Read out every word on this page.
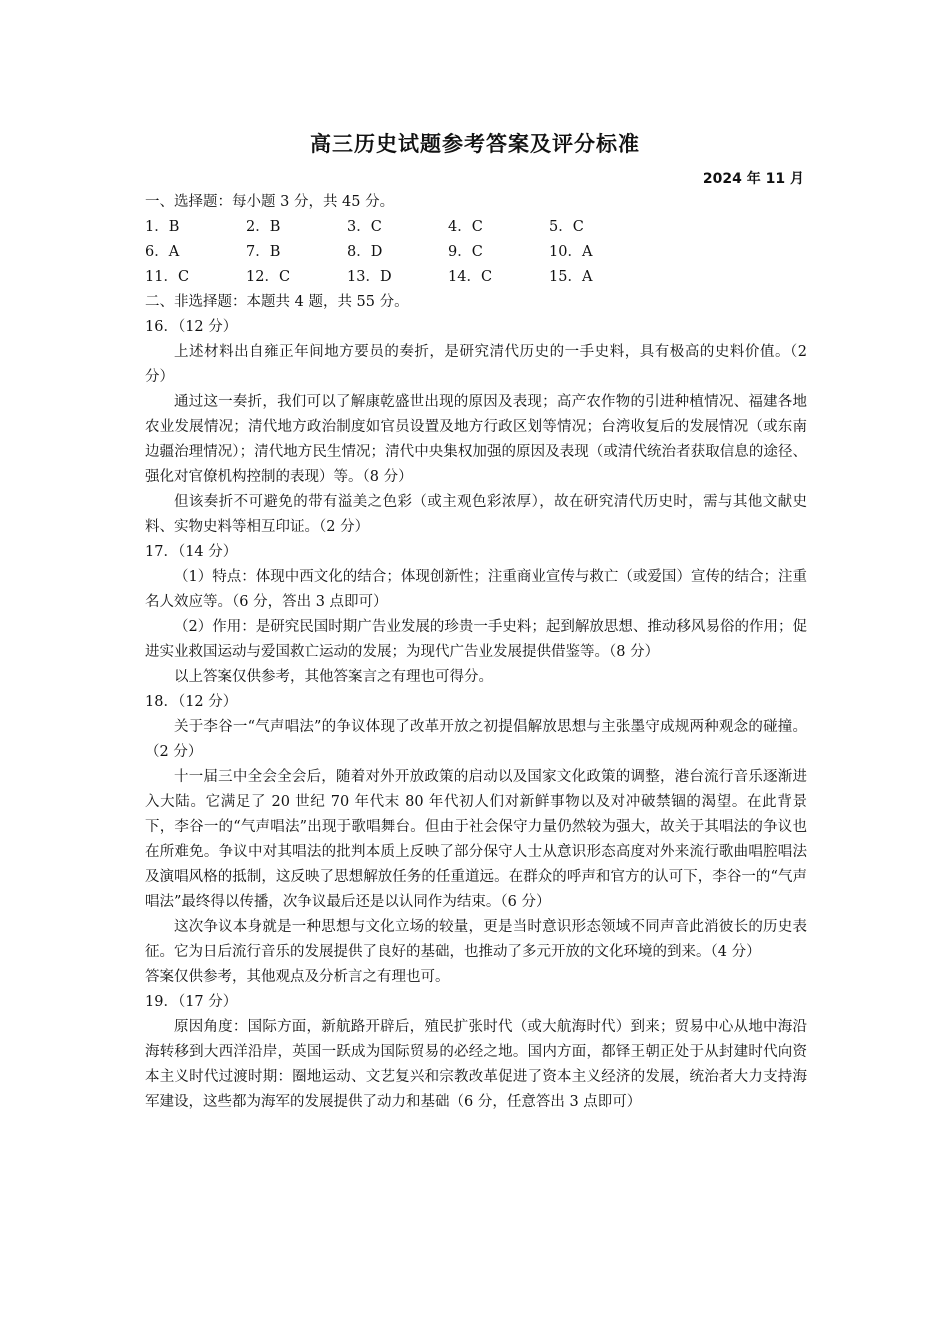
高三历史试题参考答案及评分标准
2024 年 11 月
一、选择题：每小题 3 分，共 45 分。
1．B	2．B	3．C	4．C	5．C
6．A	7．B	8．D	9．C	10．A
11．C	12．C	13．D	14．C	15．A
二、非选择题：本题共 4 题，共 55 分。
16．（12 分）
上述材料出自雍正年间地方要员的奏折，是研究清代历史的一手史料，具有极高的史料价值。（2 分）
通过这一奏折，我们可以了解康乾盛世出现的原因及表现；高产农作物的引进种植情况、福建各地农业发展情况；清代地方政治制度如官员设置及地方行政区划等情况；台湾收复后的发展情况（或东南边疆治理情况）；清代地方民生情况；清代中央集权加强的原因及表现（或清代统治者获取信息的途径、强化对官僚机构控制的表现）等。（8 分）
但该奏折不可避免的带有溢美之色彩（或主观色彩浓厚），故在研究清代历史时，需与其他文献史料、实物史料等相互印证。（2 分）
17．（14 分）
（1）特点：体现中西文化的结合；体现创新性；注重商业宣传与救亡（或爱国）宣传的结合；注重名人效应等。（6 分，答出 3 点即可）
（2）作用：是研究民国时期广告业发展的珍贵一手史料；起到解放思想、推动移风易俗的作用；促进实业救国运动与爱国救亡运动的发展；为现代广告业发展提供借鉴等。（8 分）
以上答案仅供参考，其他答案言之有理也可得分。
18．（12 分）
关于李谷一“气声唱法”的争议体现了改革开放之初提倡解放思想与主张墨守成规两种观念的碰撞。（2 分）
十一届三中全会全会后，随着对外开放政策的启动以及国家文化政策的调整，港台流行音乐逐渐进入大陆。它满足了 20 世纪 70 年代末 80 年代初人们对新鲜事物以及对冲破禁锢的渴望。在此背景下，李谷一的“气声唱法”出现于歌唱舞台。但由于社会保守力量仍然较为强大，故关于其唱法的争议也在所难免。争议中对其唱法的批判本质上反映了部分保守人士从意识形态高度对外来流行歌曲唱腔唱法及演唱风格的抵制，这反映了思想解放任务的任重道远。在群众的呼声和官方的认可下，李谷一的“气声唱法”最终得以传播，次争议最后还是以认同作为结束。（6 分）
这次争议本身就是一种思想与文化立场的较量，更是当时意识形态领域不同声音此消彼长的历史表征。它为日后流行音乐的发展提供了良好的基础，也推动了多元开放的文化环境的到来。（4 分）
答案仅供参考，其他观点及分析言之有理也可。
19．（17 分）
原因角度：国际方面，新航路开辟后，殖民扩张时代（或大航海时代）到来；贸易中心从地中海沿海转移到大西洋沿岸，英国一跃成为国际贸易的必经之地。国内方面，都铎王朝正处于从封建时代向资本主义时代过渡时期：圈地运动、文艺复兴和宗教改革促进了资本主义经济的发展，统治者大力支持海军建设，这些都为海军的发展提供了动力和基础（6 分，任意答出 3 点即可）
